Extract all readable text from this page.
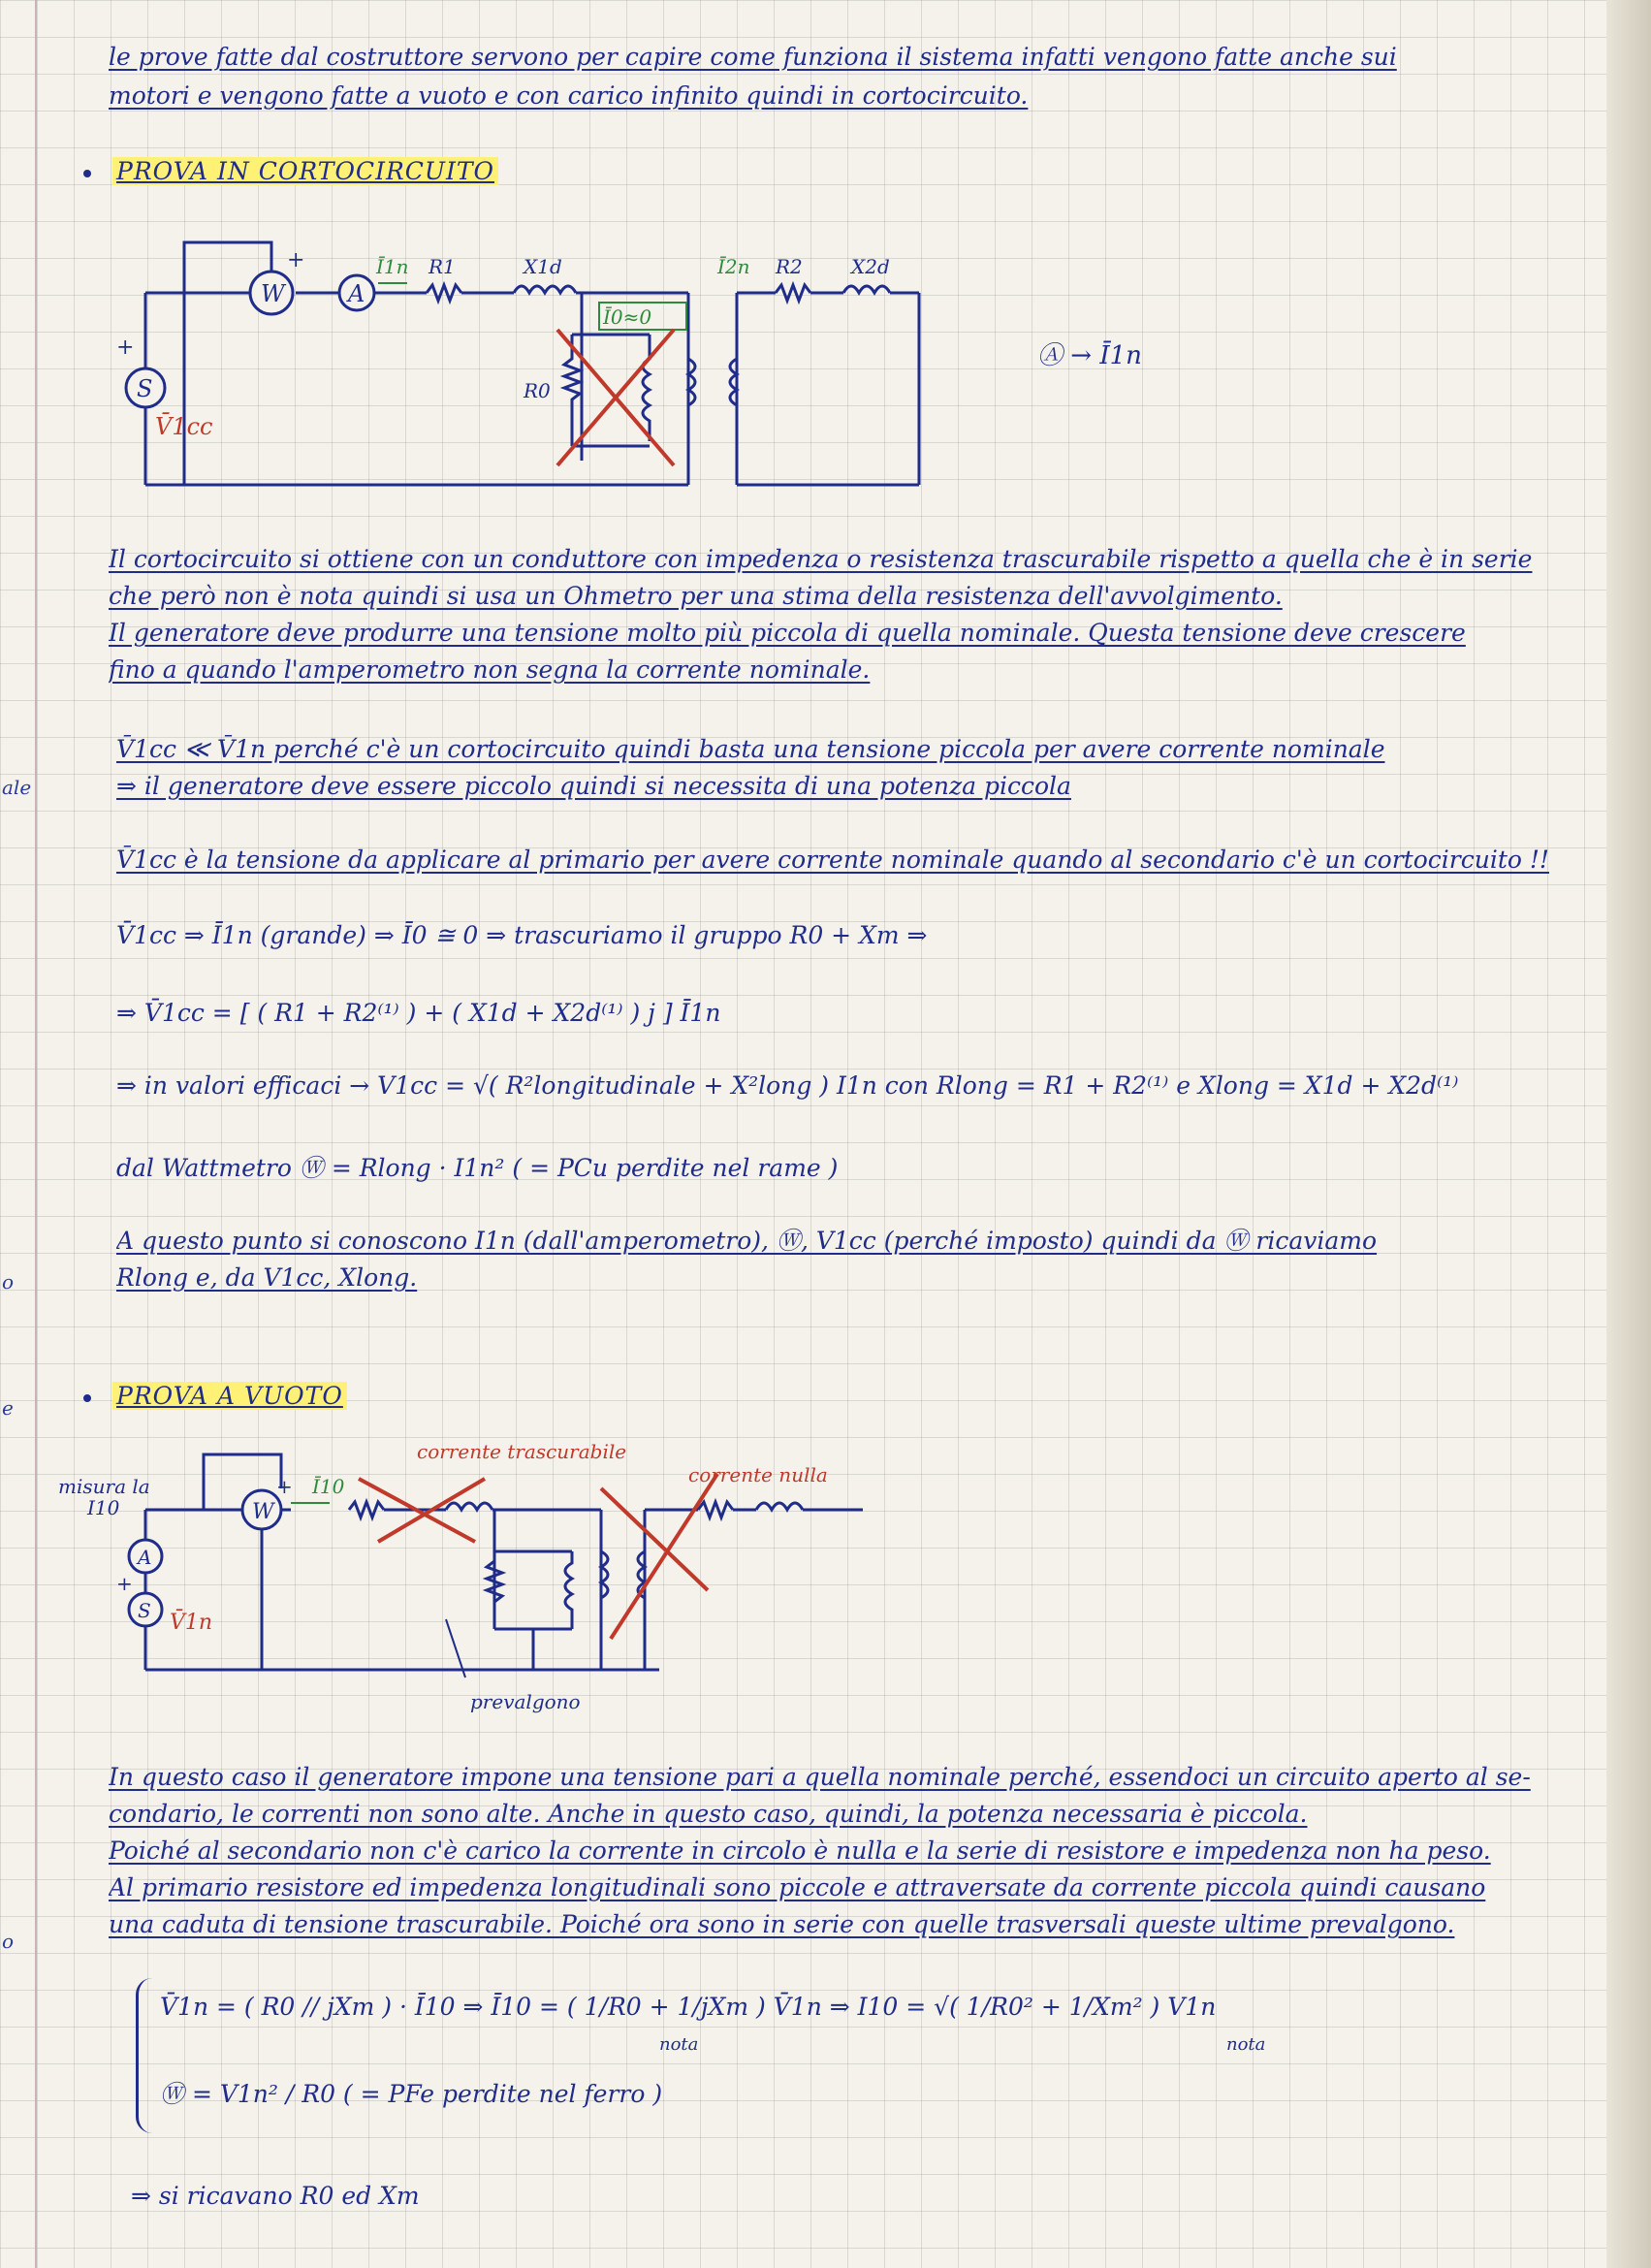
ale
o
e
o
le prove fatte dal costruttore servono per capire come funziona il sistema infatti vengono fatte anche sui
motori e vengono fatte a vuoto e con carico infinito quindi in cortocircuito.
PROVA IN CORTOCIRCUITO
W	A
S
+
+
V̄1cc
Ī1n R1	X1d
Ī0≈0
R0
Ī2n R2	X2d
Ⓐ → Ī1n
Il cortocircuito si ottiene con un conduttore con impedenza o resistenza trascurabile rispetto a quella che è in serie
che però non è nota quindi si usa un Ohmetro per una stima della resistenza dell'avvolgimento.
Il generatore deve produrre una tensione molto più piccola di quella nominale. Questa tensione deve crescere
fino a quando l'amperometro non segna la corrente nominale.
V̄1cc ≪ V̄1n perché c'è un cortocircuito quindi basta una tensione piccola per avere corrente nominale
⇒ il generatore deve essere piccolo quindi si necessita di una potenza piccola
V̄1cc è la tensione da applicare al primario per avere corrente nominale quando al secondario c'è un cortocircuito !!
V̄1cc ⇒ Ī1n (grande) ⇒ Ī0 ≅ 0 ⇒ trascuriamo il gruppo R0 + Xm ⇒
⇒ V̄1cc = [ ( R1 + R2⁽¹⁾ ) + ( X1d + X2d⁽¹⁾ ) j ] Ī1n
⇒ in valori efficaci → V1cc = √( R²longitudinale + X²long ) I1n con Rlong = R1 + R2⁽¹⁾ e Xlong = X1d + X2d⁽¹⁾
dal Wattmetro Ⓦ = Rlong · I1n² ( = PCu perdite nel rame )
A questo punto si conoscono I1n (dall'amperometro), Ⓦ, V1cc (perché imposto) quindi da Ⓦ ricaviamo
Rlong e, da V1cc, Xlong.
PROVA A VUOTO
W
A
S
+
+
V̄1n
misura la
I10
Ī10
corrente trascurabile
corrente nulla
prevalgono
In questo caso il generatore impone una tensione pari a quella nominale perché, essendoci un circuito aperto al se-
condario, le correnti non sono alte. Anche in questo caso, quindi, la potenza necessaria è piccola.
Poiché al secondario non c'è carico la corrente in circolo è nulla e la serie di resistore e impedenza non ha peso.
Al primario resistore ed impedenza longitudinali sono piccole e attraversate da corrente piccola quindi causano
una caduta di tensione trascurabile. Poiché ora sono in serie con quelle trasversali queste ultime prevalgono.
V̄1n = ( R0 // jXm ) · Ī10 ⇒ Ī10 = ( 1/R0 + 1/jXm ) V̄1n ⇒ I10 = √( 1/R0² + 1/Xm² ) V1n
nota	nota
Ⓦ = V1n² / R0 ( = PFe perdite nel ferro )
⇒ si ricavano R0 ed Xm
